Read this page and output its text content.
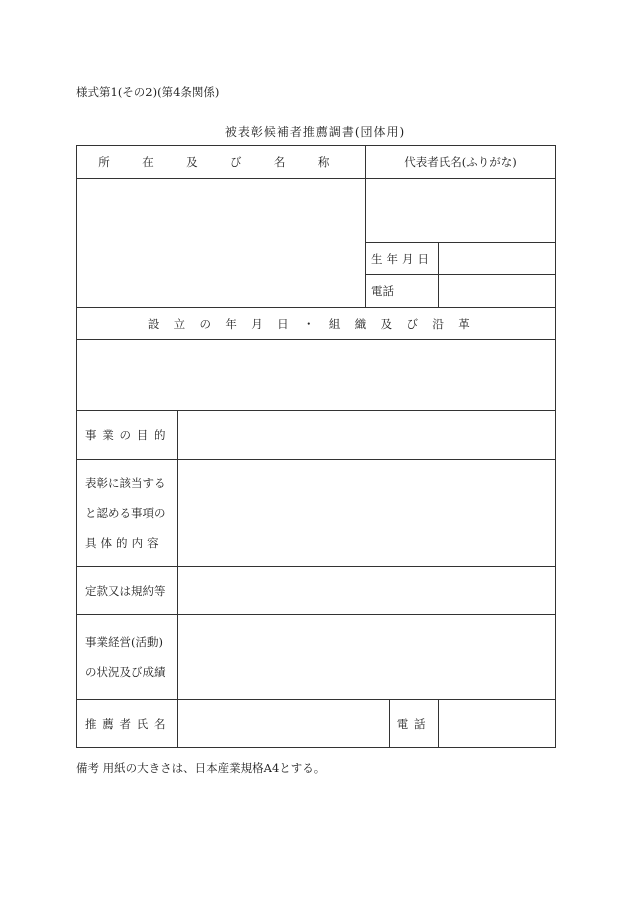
様式第1(その2)(第4条関係)
被表彰候補者推薦調書(団体用)
所 在 及 び 名 称	代表者氏名(ふりがな)
生年月日
電話
設立の年月日・組織及び沿革
事業の目的
表彰に該当する
と認める事項の
具体的内容
定款又は規約等
事業経営(活動)
の状況及び成績
推薦者氏名	電話
備考 用紙の大きさは、日本産業規格A4とする。
